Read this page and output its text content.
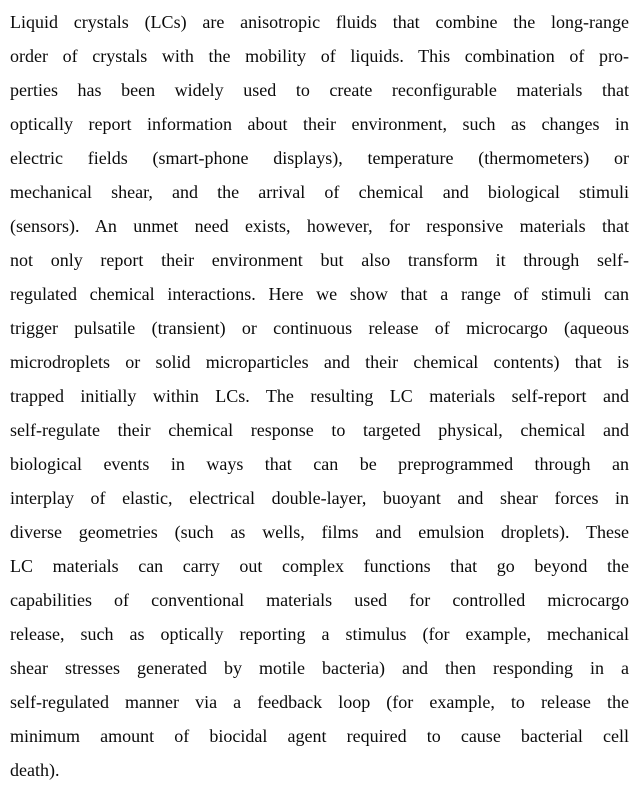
Liquid crystals (LCs) are anisotropic fluids that combine the long-range
order of crystals with the mobility of liquids. This combination of pro-
perties has been widely used to create reconfigurable materials that
optically report information about their environment, such as changes in
electric fields (smart-phone displays), temperature (thermometers) or
mechanical shear, and the arrival of chemical and biological stimuli
(sensors). An unmet need exists, however, for responsive materials that
not only report their environment but also transform it through self-
regulated chemical interactions. Here we show that a range of stimuli can
trigger pulsatile (transient) or continuous release of microcargo (aqueous
microdroplets or solid microparticles and their chemical contents) that is
trapped initially within LCs. The resulting LC materials self-report and
self-regulate their chemical response to targeted physical, chemical and
biological events in ways that can be preprogrammed through an
interplay of elastic, electrical double-layer, buoyant and shear forces in
diverse geometries (such as wells, films and emulsion droplets). These
LC materials can carry out complex functions that go beyond the
capabilities of conventional materials used for controlled microcargo
release, such as optically reporting a stimulus (for example, mechanical
shear stresses generated by motile bacteria) and then responding in a
self-regulated manner via a feedback loop (for example, to release the
minimum amount of biocidal agent required to cause bacterial cell
death).
